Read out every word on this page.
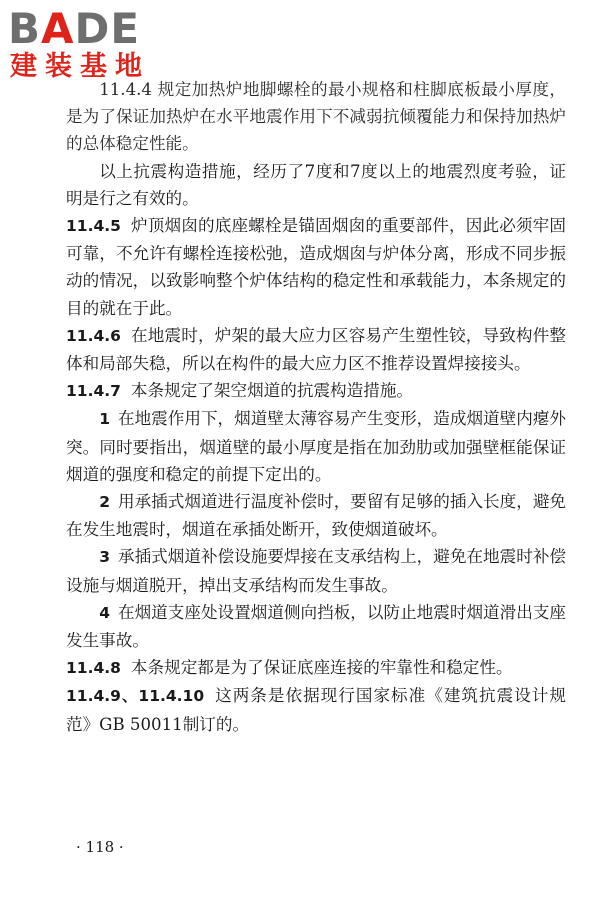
BADE
建装基地

11.4.4 规定加热炉地脚螺栓的最小规格和柱脚底板最小厚度，是为了保证加热炉在水平地震作用下不减弱抗倾覆能力和保持加热炉的总体稳定性能。

以上抗震构造措施，经历了7度和7度以上的地震烈度考验，证明是行之有效的。

11.4.5 炉顶烟囱的底座螺栓是锚固烟囱的重要部件，因此必须牢固可靠，不允许有螺栓连接松弛，造成烟囱与炉体分离，形成不同步振动的情况，以致影响整个炉体结构的稳定性和承载能力，本条规定的目的就在于此。

11.4.6 在地震时，炉架的最大应力区容易产生塑性铰，导致构件整体和局部失稳，所以在构件的最大应力区不推荐设置焊接接头。

11.4.7 本条规定了架空烟道的抗震构造措施。

1 在地震作用下，烟道壁太薄容易产生变形，造成烟道壁内瘪外突。同时要指出，烟道壁的最小厚度是指在加劲肋或加强壁框能保证烟道的强度和稳定的前提下定出的。

2 用承插式烟道进行温度补偿时，要留有足够的插入长度，避免在发生地震时，烟道在承插处断开，致使烟道破坏。

3 承插式烟道补偿设施要焊接在支承结构上，避免在地震时补偿设施与烟道脱开，掉出支承结构而发生事故。

4 在烟道支座处设置烟道侧向挡板，以防止地震时烟道滑出支座发生事故。

11.4.8 本条规定都是为了保证底座连接的牢靠性和稳定性。

11.4.9、11.4.10 这两条是依据现行国家标准《建筑抗震设计规范》GB 50011制订的。

· 118 ·
